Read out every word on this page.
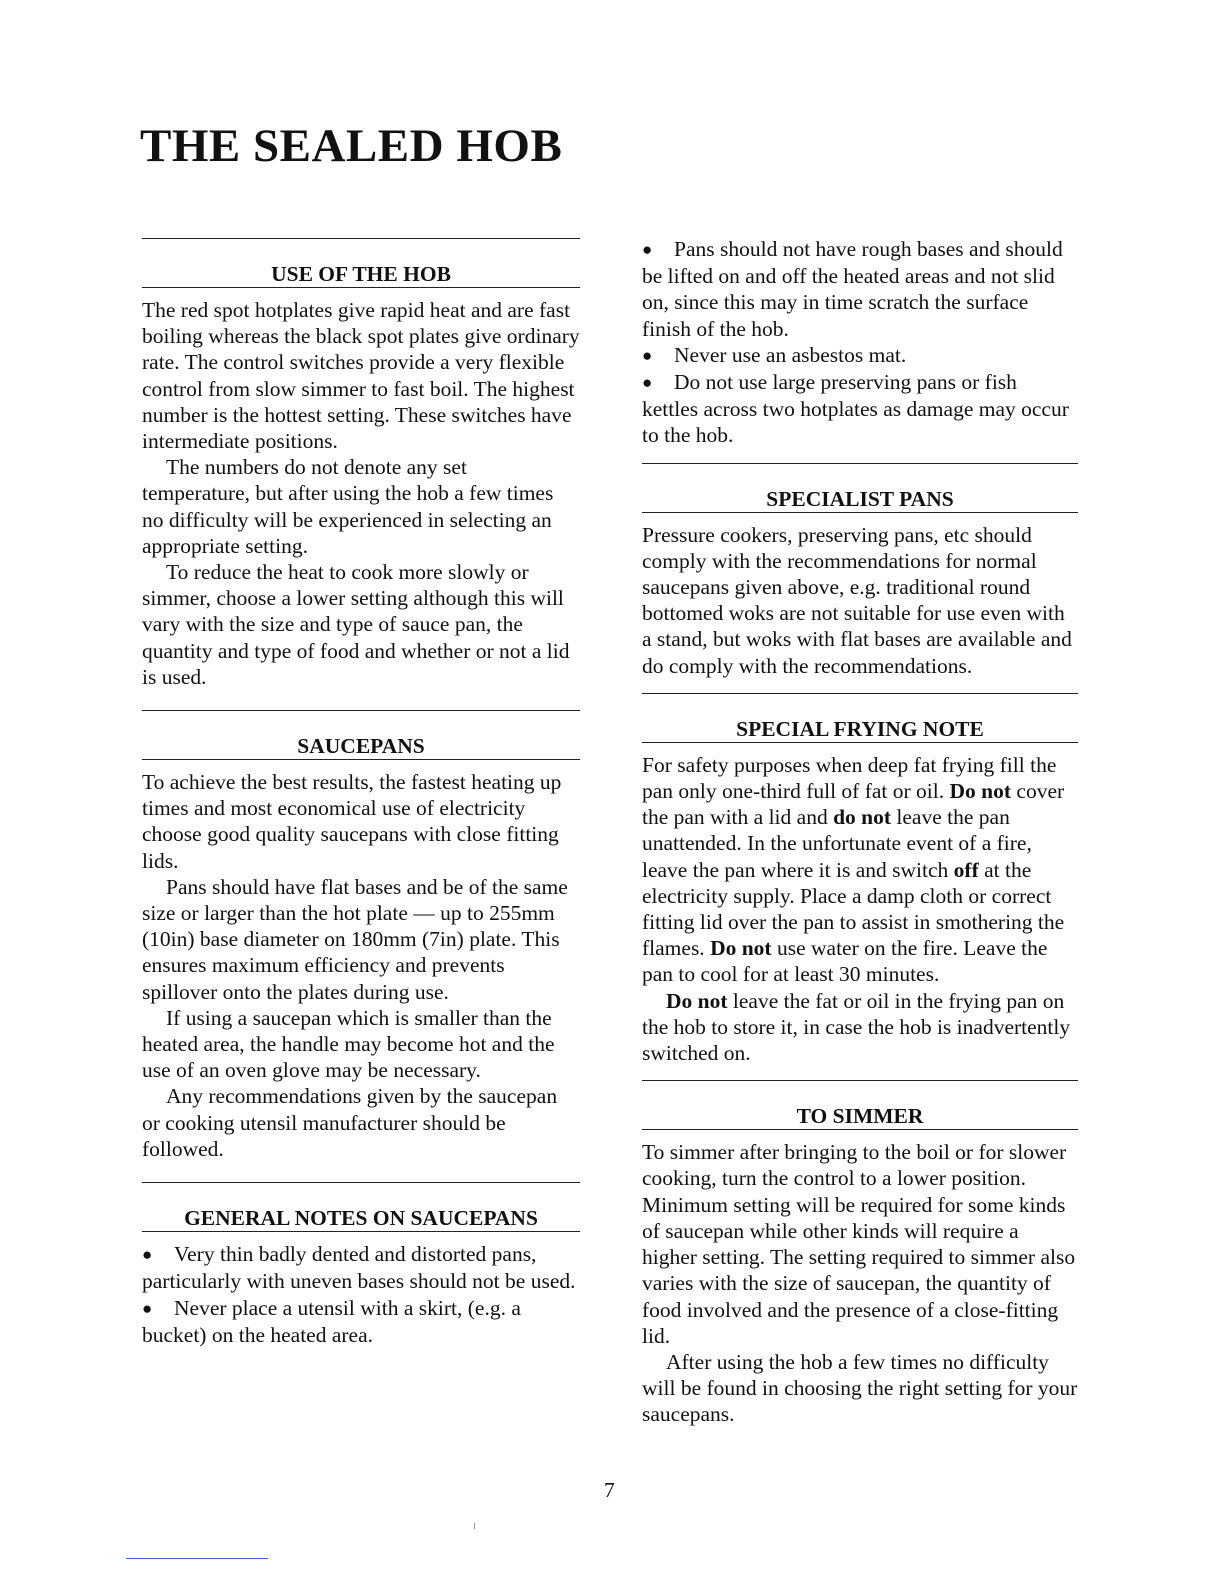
THE SEALED HOB
USE OF THE HOB

The red spot hotplates give rapid heat and are fast boiling whereas the black spot plates give ordinary rate. The control switches provide a very flexible control from slow simmer to fast boil. The highest number is the hottest setting. These switches have intermediate positions.

The numbers do not denote any set temperature, but after using the hob a few times no difficulty will be experienced in selecting an appropriate setting.

To reduce the heat to cook more slowly or simmer, choose a lower setting although this will vary with the size and type of sauce pan, the quantity and type of food and whether or not a lid is used.

SAUCEPANS

To achieve the best results, the fastest heating up times and most economical use of electricity choose good quality saucepans with close fitting lids.

Pans should have flat bases and be of the same size or larger than the hot plate — up to 255mm (10in) base diameter on 180mm (7in) plate. This ensures maximum efficiency and prevents spillover onto the plates during use.

If using a saucepan which is smaller than the heated area, the handle may become hot and the use of an oven glove may be necessary.

Any recommendations given by the saucepan or cooking utensil manufacturer should be followed.

GENERAL NOTES ON SAUCEPANS

● Very thin badly dented and distorted pans, particularly with uneven bases should not be used.

● Never place a utensil with a skirt, (e.g. a bucket) on the heated area.

● Pans should not have rough bases and should be lifted on and off the heated areas and not slid on, since this may in time scratch the surface finish of the hob.

● Never use an asbestos mat.

● Do not use large preserving pans or fish kettles across two hotplates as damage may occur to the hob.

SPECIALIST PANS

Pressure cookers, preserving pans, etc should comply with the recommendations for normal saucepans given above, e.g. traditional round bottomed woks are not suitable for use even with a stand, but woks with flat bases are available and do comply with the recommendations.

SPECIAL FRYING NOTE

For safety purposes when deep fat frying fill the pan only one-third full of fat or oil. Do not cover the pan with a lid and do not leave the pan unattended. In the unfortunate event of a fire, leave the pan where it is and switch off at the electricity supply. Place a damp cloth or correct fitting lid over the pan to assist in smothering the flames. Do not use water on the fire. Leave the pan to cool for at least 30 minutes.

Do not leave the fat or oil in the frying pan on the hob to store it, in case the hob is inadvertently switched on.

TO SIMMER

To simmer after bringing to the boil or for slower cooking, turn the control to a lower position. Minimum setting will be required for some kinds of saucepan while other kinds will require a higher setting. The setting required to simmer also varies with the size of saucepan, the quantity of food involved and the presence of a close-fitting lid.

After using the hob a few times no difficulty will be found in choosing the right setting for your saucepans.

7
